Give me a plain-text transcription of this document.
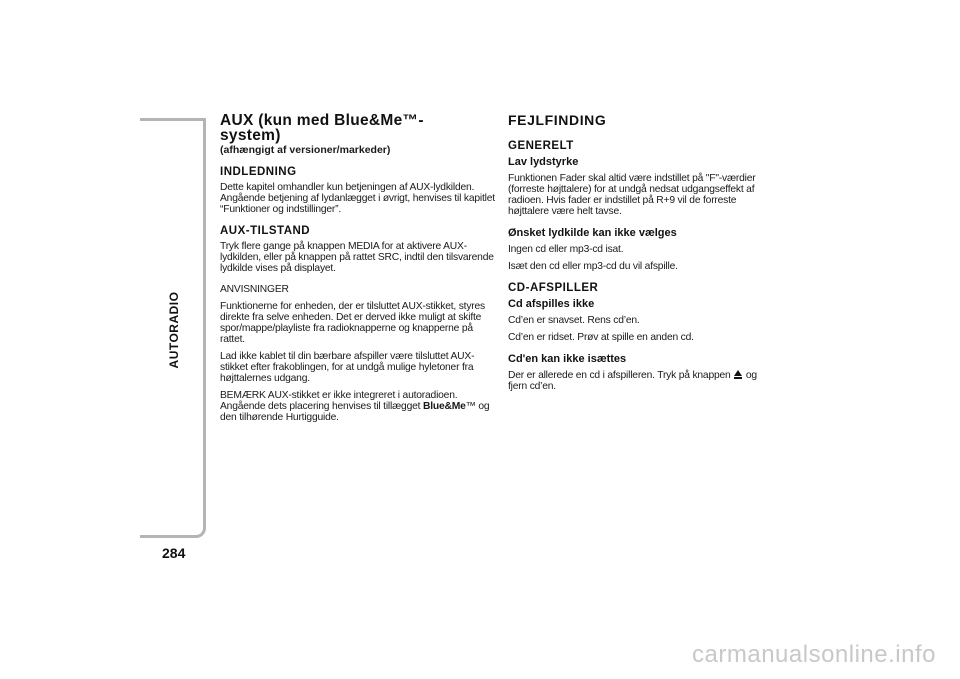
AUTORADIO
284
AUX (kun med Blue&Me™-
system)
(afhængigt af versioner/markeder)
INDLEDNING

Dette kapitel omhandler kun betjeningen af AUX-lydkilden. Angående betjening af lydanlægget i øvrigt, henvises til kapitlet “Funktioner og indstillinger”.

AUX-TILSTAND

Tryk flere gange på knappen MEDIA for at aktivere AUX-lydkilden, eller på knappen på rattet SRC, indtil den tilsvarende lydkilde vises på displayet.

ANVISNINGER

Funktionerne for enheden, der er tilsluttet AUX-stikket, styres direkte fra selve enheden. Det er derved ikke muligt at skifte spor/mappe/playliste fra radioknapperne og knapperne på rattet.

Lad ikke kablet til din bærbare afspiller være tilsluttet AUX-stikket efter frakoblingen, for at undgå mulige hyletoner fra højttalernes udgang.

BEMÆRK AUX-stikket er ikke integreret i autoradioen. Angående dets placering henvises til tillægget Blue&Me™ og den tilhørende Hurtigguide.

FEJLFINDING
GENERELT
Lav lydstyrke

Funktionen Fader skal altid være indstillet på "F"-værdier (forreste højttalere) for at undgå nedsat udgangseffekt af radioen. Hvis fader er indstillet på R+9 vil de forreste højttalere være helt tavse.

Ønsket lydkilde kan ikke vælges

Ingen cd eller mp3-cd isat.

Isæt den cd eller mp3-cd du vil afspille.

CD-AFSPILLER
Cd afspilles ikke

Cd’en er snavset. Rens cd’en.

Cd’en er ridset. Prøv at spille en anden cd.

Cd'en kan ikke isættes

Der er allerede en cd i afspilleren. Tryk på knappen  og fjern cd’en.

carmanualsonline.info
